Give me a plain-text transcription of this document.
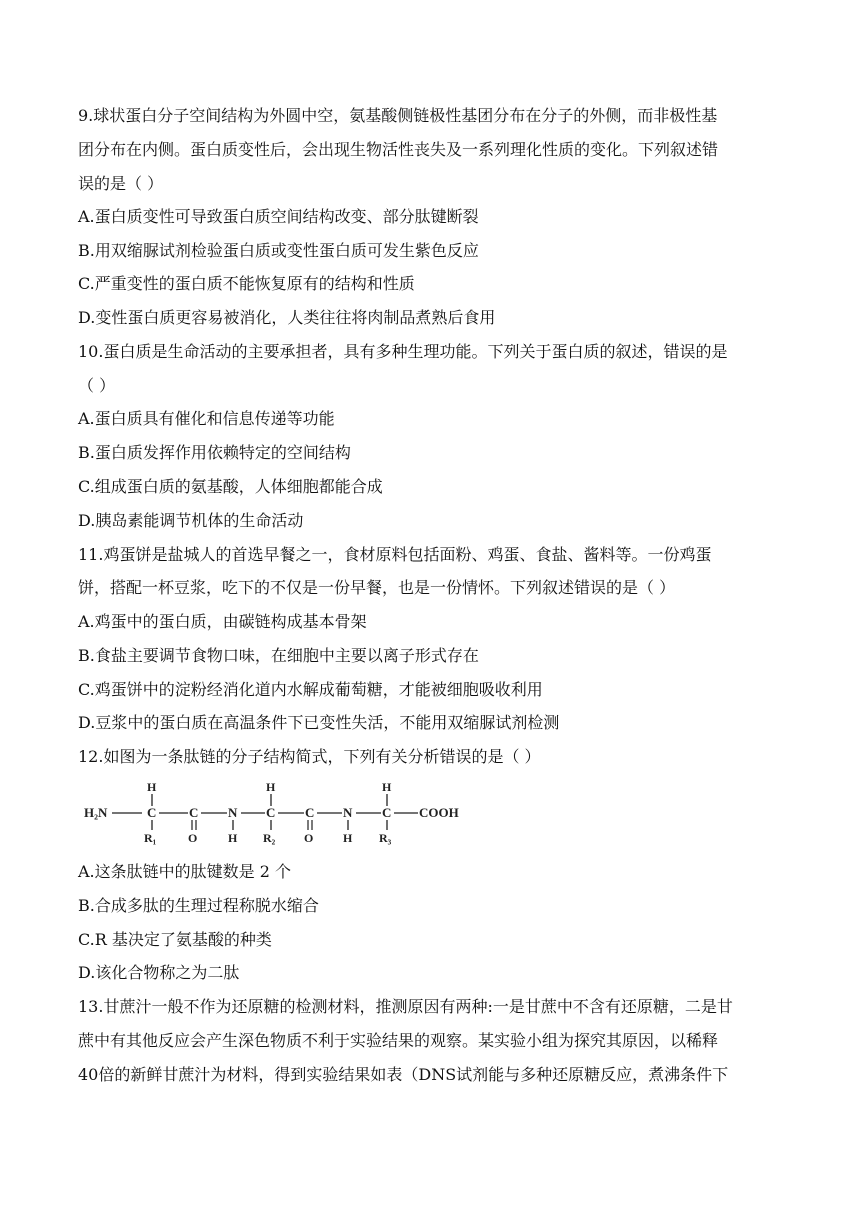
9.球状蛋白分子空间结构为外圆中空，氨基酸侧链极性基团分布在分子的外侧，而非极性基
团分布在内侧。蛋白质变性后，会出现生物活性丧失及一系列理化性质的变化。下列叙述错
误的是（ ）
A.蛋白质变性可导致蛋白质空间结构改变、部分肽键断裂
B.用双缩脲试剂检验蛋白质或变性蛋白质可发生紫色反应
C.严重变性的蛋白质不能恢复原有的结构和性质
D.变性蛋白质更容易被消化，人类往往将肉制品煮熟后食用
10.蛋白质是生命活动的主要承担者，具有多种生理功能。下列关于蛋白质的叙述，错误的是
（ ）
A.蛋白质具有催化和信息传递等功能
B.蛋白质发挥作用依赖特定的空间结构
C.组成蛋白质的氨基酸，人体细胞都能合成
D.胰岛素能调节机体的生命活动
11.鸡蛋饼是盐城人的首选早餐之一，食材原料包括面粉、鸡蛋、食盐、酱料等。一份鸡蛋
饼，搭配一杯豆浆，吃下的不仅是一份早餐，也是一份情怀。下列叙述错误的是（ ）
A.鸡蛋中的蛋白质，由碳链构成基本骨架
B.食盐主要调节食物口味，在细胞中主要以离子形式存在
C.鸡蛋饼中的淀粉经消化道内水解成葡萄糖，才能被细胞吸收利用
D.豆浆中的蛋白质在高温条件下已变性失活，不能用双缩脲试剂检测
12.如图为一条肽链的分子结构简式，下列有关分析错误的是（ ）
H₂N
H
C
R₁
C
O
N
H
H
C
R₂
C
O
N
H
H
C
R₃
COOH
A.这条肽链中的肽键数是 2 个
B.合成多肽的生理过程称脱水缩合
C.R 基决定了氨基酸的种类
D.该化合物称之为二肽
13.甘蔗汁一般不作为还原糖的检测材料，推测原因有两种:一是甘蔗中不含有还原糖，二是甘
蔗中有其他反应会产生深色物质不利于实验结果的观察。某实验小组为探究其原因，以稀释
40倍的新鲜甘蔗汁为材料，得到实验结果如表（DNS试剂能与多种还原糖反应，煮沸条件下
